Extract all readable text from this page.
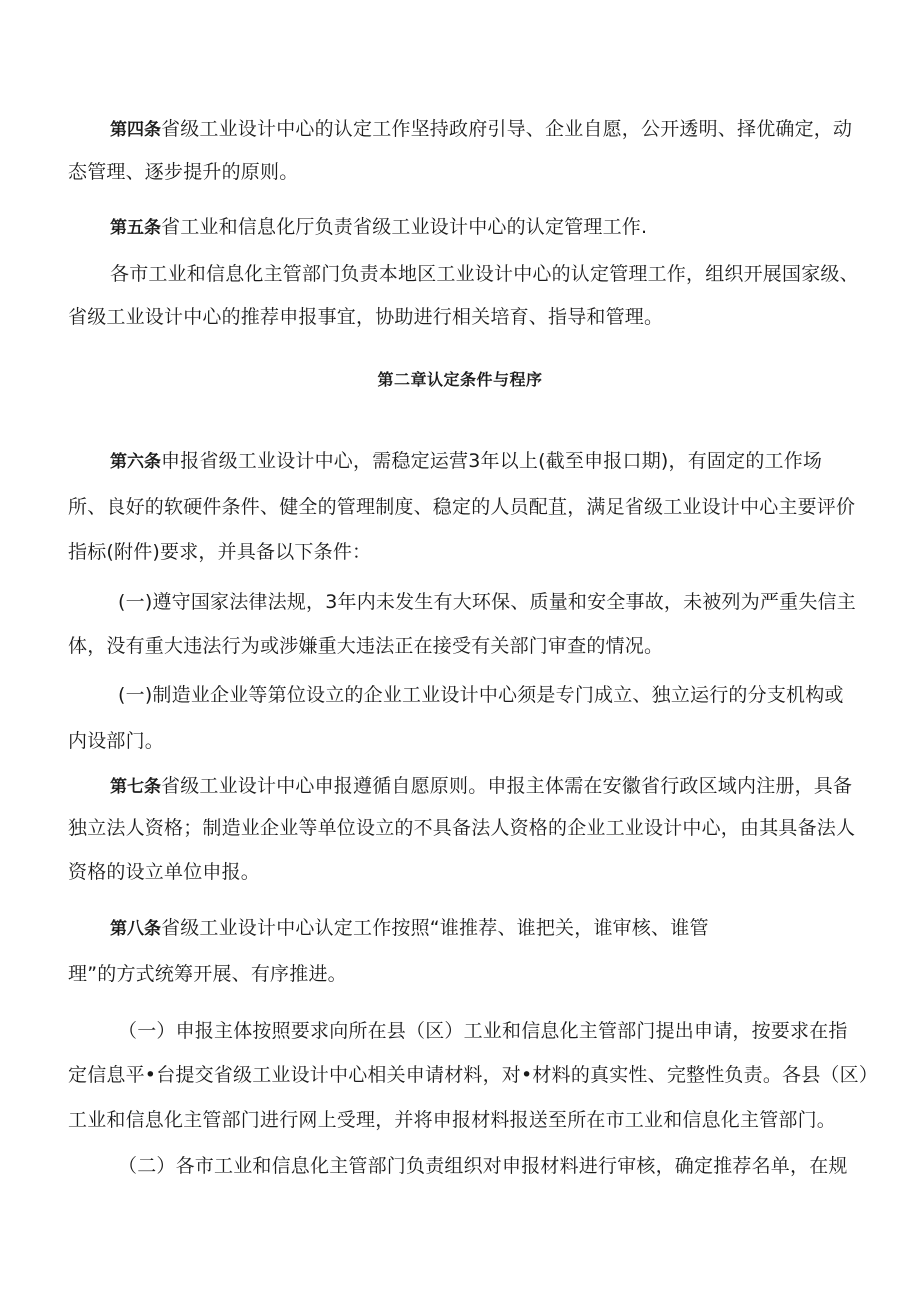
第四条省级工业设计中心的认定工作坚持政府引导、企业自愿，公开透明、择优确定，动
态管理、逐步提升的原则。
第五条省工业和信息化厅负责省级工业设计中心的认定管理工作.
各市工业和信息化主管部门负责本地区工业设计中心的认定管理工作，组织开展国家级、
省级工业设计中心的推荐申报事宜，协助进行相关培育、指导和管理。
第二章认定条件与程序
第六条申报省级工业设计中心，需稳定运营3年以上(截至申报口期)，有固定的工作场
所、良好的软硬件条件、健全的管理制度、稳定的人员配苴，满足省级工业设计中心主要评价
指标(附件)要求，并具备以下条件：
(一)遵守国家法律法规，3年内未发生有大环保、质量和安全事故，未被列为严重失信主
体，没有重大违法行为或涉嫌重大违法正在接受有关部门审查的情况。
(一)制造业企业等第位设立的企业工业设计中心须是专门成立、独立运行的分支机构或
内设部门。
第七条省级工业设计中心申报遵循自愿原则。申报主体需在安徽省行政区域内注册，具备
独立法人资格；制造业企业等单位设立的不具备法人资格的企业工业设计中心，由其具备法人
资格的设立单位申报。
第八条省级工业设计中心认定工作按照“谁推荐、谁把关，谁审核、谁管
理”的方式统筹开展、有序推进。
（一）申报主体按照要求向所在县（区）工业和信息化主管部门提出申请，按要求在指
定信息平•台提交省级工业设计中心相关申请材料，对•材料的真实性、完整性负责。各县（区）
工业和信息化主管部门进行网上受理，并将申报材料报送至所在市工业和信息化主管部门。
（二）各市工业和信息化主管部门负责组织对申报材料进行审核，确定推荐名单，在规
